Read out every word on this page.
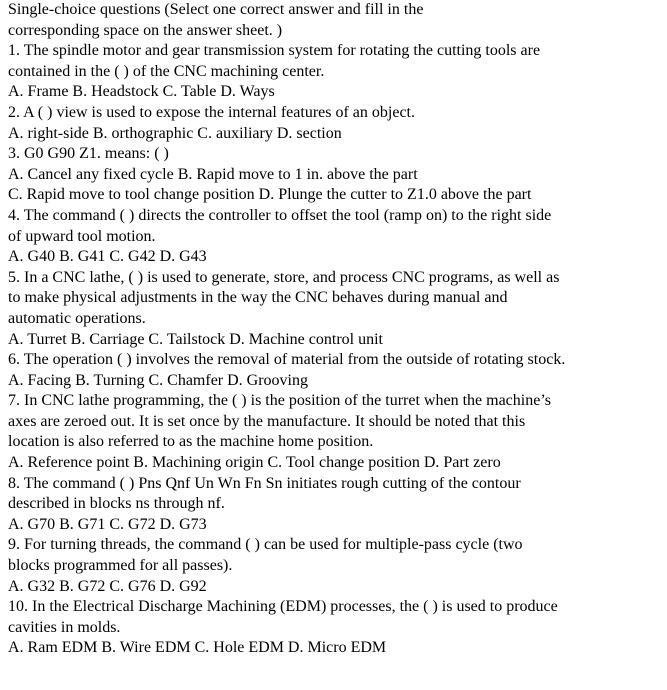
Single-choice questions (Select one correct answer and fill in the
corresponding space on the answer sheet. )
1. The spindle motor and gear transmission system for rotating the cutting tools are
contained in the ( ) of the CNC machining center.
A. Frame B. Headstock C. Table D. Ways
2. A ( ) view is used to expose the internal features of an object.
A. right-side B. orthographic C. auxiliary D. section
3. G0 G90 Z1. means: ( )
A. Cancel any fixed cycle B. Rapid move to 1 in. above the part
C. Rapid move to tool change position D. Plunge the cutter to Z1.0 above the part
4. The command ( ) directs the controller to offset the tool (ramp on) to the right side
of upward tool motion.
A. G40 B. G41 C. G42 D. G43
5. In a CNC lathe, ( ) is used to generate, store, and process CNC programs, as well as
to make physical adjustments in the way the CNC behaves during manual and
automatic operations.
A. Turret B. Carriage C. Tailstock D. Machine control unit
6. The operation ( ) involves the removal of material from the outside of rotating stock.
A. Facing B. Turning C. Chamfer D. Grooving
7. In CNC lathe programming, the ( ) is the position of the turret when the machine’s
axes are zeroed out. It is set once by the manufacture. It should be noted that this
location is also referred to as the machine home position.
A. Reference point B. Machining origin C. Tool change position D. Part zero
8. The command ( ) Pns Qnf Un Wn Fn Sn initiates rough cutting of the contour
described in blocks ns through nf.
A. G70 B. G71 C. G72 D. G73
9. For turning threads, the command ( ) can be used for multiple-pass cycle (two
blocks programmed for all passes).
A. G32 B. G72 C. G76 D. G92
10. In the Electrical Discharge Machining (EDM) processes, the ( ) is used to produce
cavities in molds.
A. Ram EDM B. Wire EDM C. Hole EDM D. Micro EDM
